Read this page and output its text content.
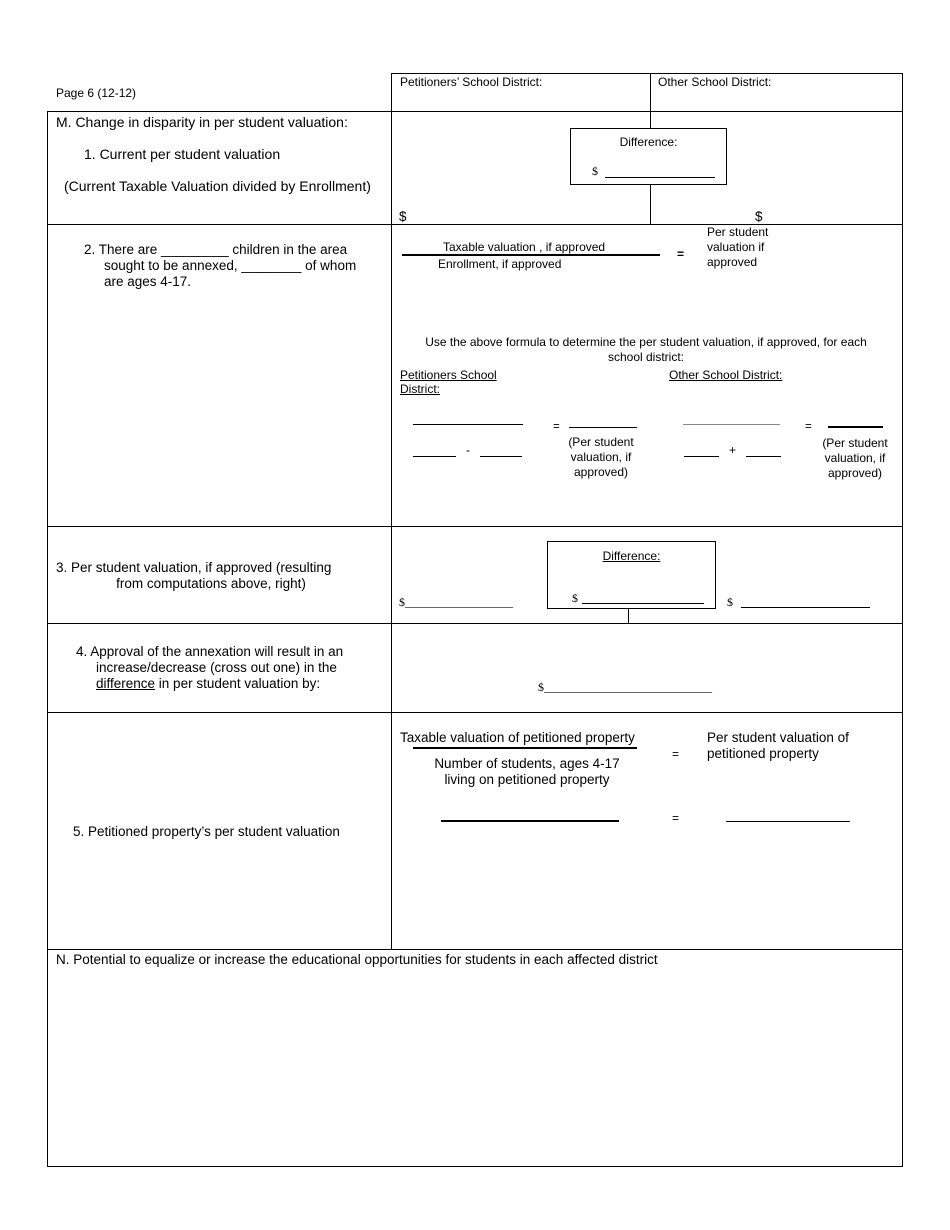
Page 6 (12-12)
Petitioners’ School District:	Other School District:
M. Change in disparity in per student valuation:
1. Current per student valuation
(Current Taxable Valuation divided by Enrollment)
Difference:
$
$	$
2. There are _________ children in the area
sought to be annexed, ________ of whom
are ages 4-17.
Taxable valuation , if approved
Enrollment, if approved
=
Per student
valuation if
approved
Use the above formula to determine the per student valuation, if approved, for each
school district:
Petitioners School
District:
Other School District:
-
=
(Per student
valuation, if
approved)
+
=
(Per student
valuation, if
approved)
3. Per student valuation, if approved (resulting
from computations above, right)
Difference:
$
$__________________	$
4. Approval of the annexation will result in an
increase/decrease (cross out one) in the
difference in per student valuation by:	$____________________________
5. Petitioned property’s per student valuation
Taxable valuation of petitioned property
Number of students, ages 4-17
living on petitioned property
=
Per student valuation of
petitioned property
=
N. Potential to equalize or increase the educational opportunities for students in each affected district
